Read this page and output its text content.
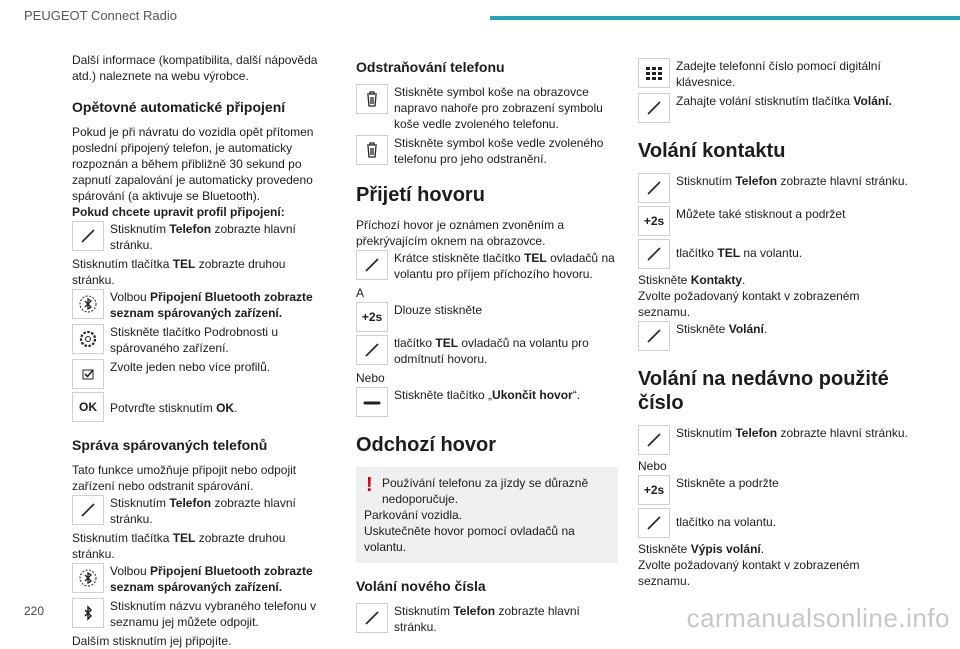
PEUGEOT Connect Radio

Další informace (kompatibilita, další nápověda atd.) naleznete na webu výrobce.

Opětovné automatické připojení

Pokud je při návratu do vozidla opět přítomen poslední připojený telefon, je automaticky rozpoznán a během přibližně 30 sekund po zapnutí zapalování je automaticky provedeno spárování (a aktivuje se Bluetooth).

Pokud chcete upravit profil připojení:

Stisknutím Telefon zobrazte hlavní stránku.

Stisknutím tlačítka TEL zobrazte druhou stránku.

Volbou Připojení Bluetooth zobrazte seznam spárovaných zařízení.

Stiskněte tlačítko Podrobnosti u spárovaného zařízení.

Zvolte jeden nebo více profilů.

OK Potvrďte stisknutím OK.

Správa spárovaných telefonů

Tato funkce umožňuje připojit nebo odpojit zařízení nebo odstranit spárování.

Stisknutím Telefon zobrazte hlavní stránku.

Stisknutím tlačítka TEL zobrazte druhou stránku.

Volbou Připojení Bluetooth zobrazte seznam spárovaných zařízení.

Stisknutím názvu vybraného telefonu v seznamu jej můžete odpojit.

Dalším stisknutím jej připojíte.

Odstraňování telefonu

Stiskněte symbol koše na obrazovce napravo nahoře pro zobrazení symbolu koše vedle zvoleného telefonu.

Stiskněte symbol koše vedle zvoleného telefonu pro jeho odstranění.

Přijetí hovoru

Příchozí hovor je oznámen zvoněním a překrývajícím oknem na obrazovce.

Krátce stiskněte tlačítko TEL ovladačů na volantu pro příjem příchozího hovoru.

A

+2s Dlouze stiskněte

tlačítko TEL ovladačů na volantu pro odmítnutí hovoru.

Nebo

Stiskněte tlačítko „Ukončit hovor“.

Odchozí hovor
! Používání telefonu za jízdy se důrazně nedoporučuje.

Parkování vozidla.

Uskutečněte hovor pomocí ovladačů na volantu.

Volání nového čísla

Stisknutím Telefon zobrazte hlavní stránku.

Zadejte telefonní číslo pomocí digitální klávesnice.

Zahajte volání stisknutím tlačítka Volání.

Volání kontaktu

Stisknutím Telefon zobrazte hlavní stránku.

+2s Můžete také stisknout a podržet

tlačítko TEL na volantu.

Stiskněte Kontakty.

Zvolte požadovaný kontakt v zobrazeném seznamu.

Stiskněte Volání.

Volání na nedávno použité číslo

Stisknutím Telefon zobrazte hlavní stránku.

Nebo

+2s Stiskněte a podržte

tlačítko na volantu.

Stiskněte Výpis volání.

Zvolte požadovaný kontakt v zobrazeném seznamu.

220	carmanualsonline.info
